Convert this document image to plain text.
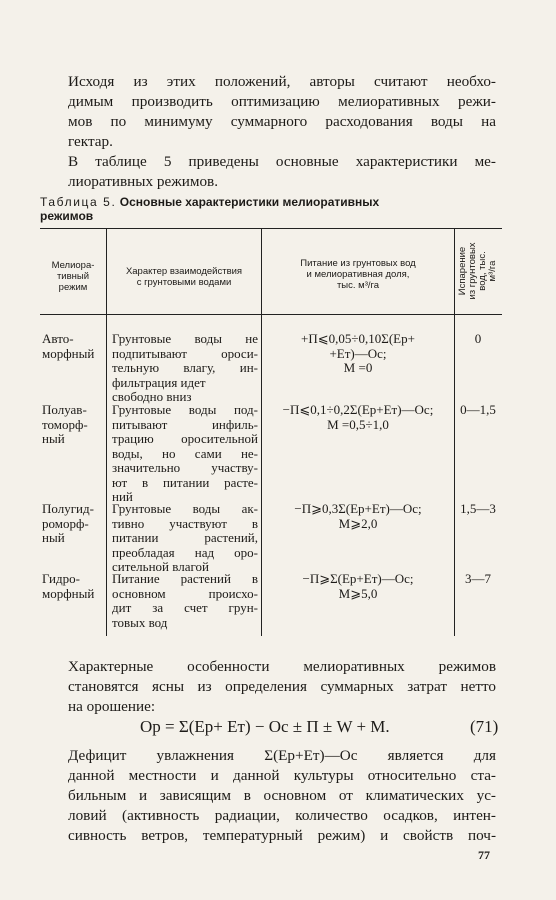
Исходя из этих положений, авторы считают необхо-
димым производить оптимизацию мелиоративных режи-
мов по минимуму суммарного расходования воды на
гектар.
В таблице 5 приведены основные характеристики ме-
лиоративных режимов.
Таблица 5. Основные характеристики мелиоративных
режимов
Мелиора-
тивный
режим
Характер взаимодействия
с грунтовыми водами
Питание из грунтовых вод
и мелиоративная доля,
тыс. м³/га	Испарение
из грунтовых
вод, тыс.
м³/га
Авто-
морфный
Грунтовые воды не
подпитывают ороси-
тельную влагу, ин-
фильтрация идет
свободно вниз
+П⩽0,05÷0,10Σ(Eр+
+Eт)—Ос;
М =0
0
Полуав-
томорф-
ный
Грунтовые воды под-
питывают инфиль-
трацию оросительной
воды, но сами не-
значительно участву-
ют в питании расте-
ний
−П⩽0,1÷0,2Σ(Eр+Eт)—Ос;
М =0,5÷1,0
0—1,5
Полугид-
роморф-
ный
Грунтовые воды ак-
тивно участвуют в
питании растений,
преобладая над оро-
сительной влагой
−П⩾0,3Σ(Eр+Eт)—Ос;
М⩾2,0
1,5—3
Гидро-
морфный
Питание растений в
основном происхо-
дит за счет грун-
товых вод
−П⩾Σ(Eр+Eт)—Ос;
М⩾5,0
3—7
Характерные особенности мелиоративных режимов
становятся ясны из определения суммарных затрат нетто
на орошение:
Ор = Σ(Eр+ Eт) − Ос ± П ± W + М.	(71)
Дефицит увлажнения Σ(Eр+Eт)—Ос является для
данной местности и данной культуры относительно ста-
бильным и зависящим в основном от климатических ус-
ловий (активность радиации, количество осадков, интен-
сивность ветров, температурный режим) и свойств поч-
77
